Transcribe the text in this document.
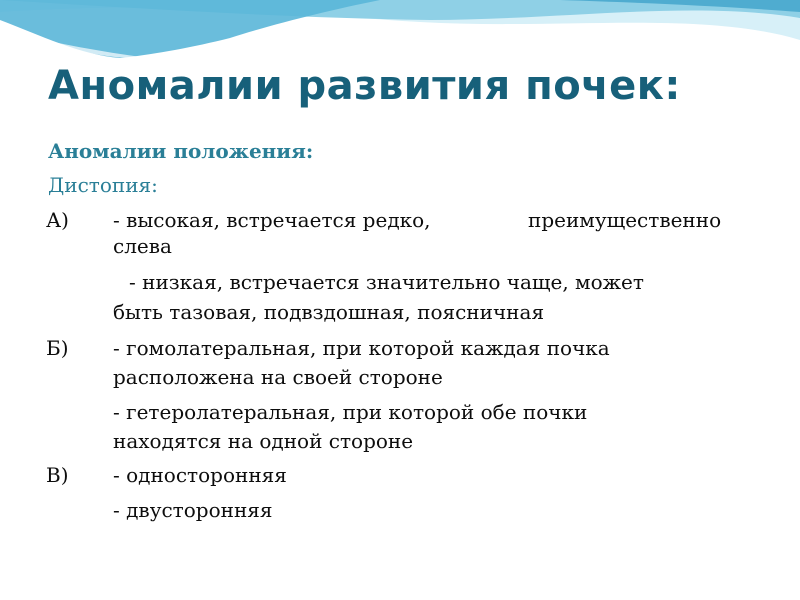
Аномалии развития почек:
Аномалии положения:
Дистопия:
А) - высокая, встречается редко,	преимущественно
слева
- низкая, встречается значительно чаще, может
быть тазовая, подвздошная, поясничная
Б) - гомолатеральная, при которой каждая почка
расположена на своей стороне
- гетеролатеральная, при которой обе почки
находятся на одной стороне
В) - односторонняя
- двусторонняя
